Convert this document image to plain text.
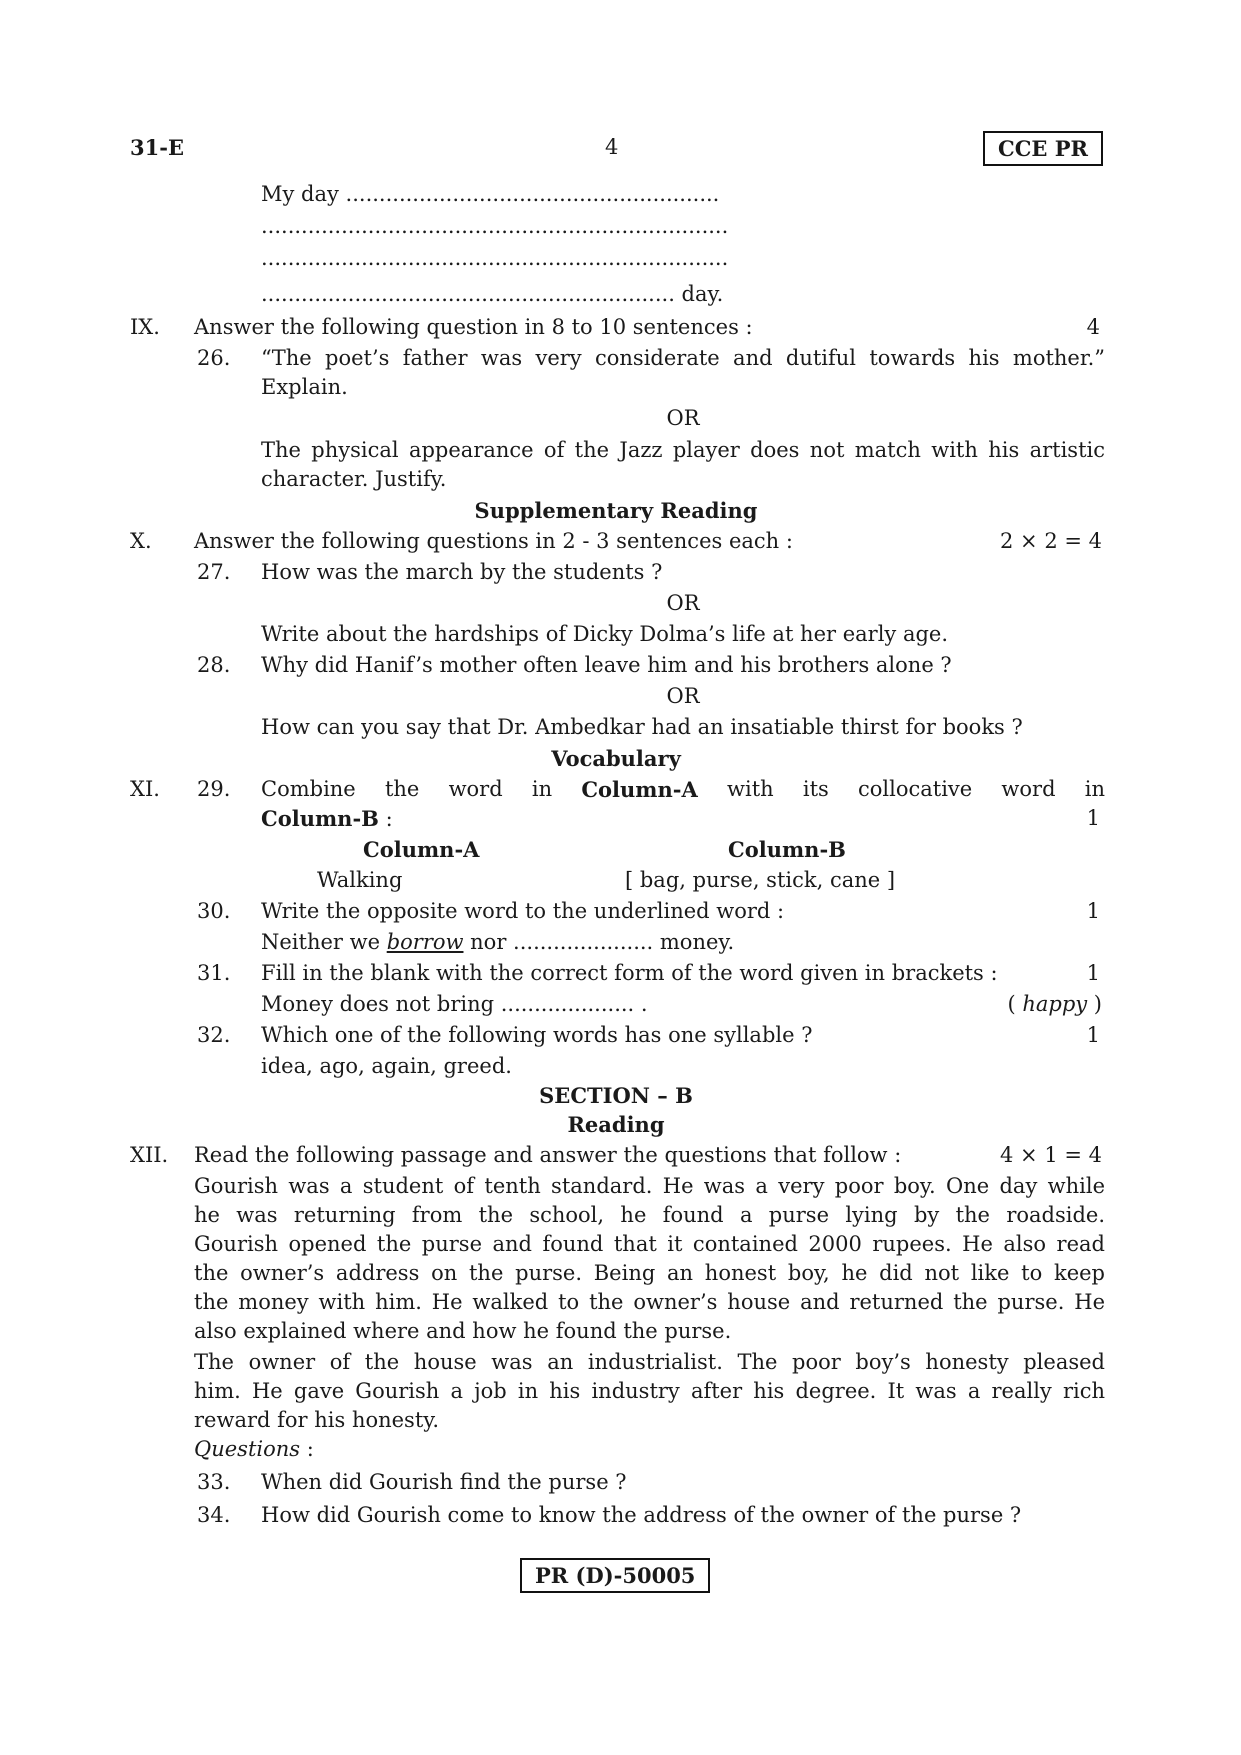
31-E	4	CCE PR
My day ........................................................
......................................................................
......................................................................
.............................................................. day.
IX. Answer the following question in 8 to 10 sentences :	4
26. “The poet’s father was very considerate and dutiful towards his mother.”
Explain.
OR
The physical appearance of the Jazz player does not match with his artistic
character. Justify.
Supplementary Reading
X. Answer the following questions in 2 - 3 sentences each :	2 × 2 = 4
27. How was the march by the students ?
OR
Write about the hardships of Dicky Dolma’s life at her early age.
28. Why did Hanif’s mother often leave him and his brothers alone ?
OR
How can you say that Dr. Ambedkar had an insatiable thirst for books ?
Vocabulary
XI. 29. Combine the word in Column-A with its collocative word in
Column-B :	1
Column-A	Column-B
Walking	[ bag, purse, stick, cane ]
30. Write the opposite word to the underlined word :	1
Neither we borrow nor ..................... money.
31. Fill in the blank with the correct form of the word given in brackets :	1
Money does not bring .................... .	( happy )
32. Which one of the following words has one syllable ?	1
idea, ago, again, greed.
SECTION – B
Reading
XII. Read the following passage and answer the questions that follow :	4 × 1 = 4
Gourish was a student of tenth standard. He was a very poor boy. One day while
he was returning from the school, he found a purse lying by the roadside.
Gourish opened the purse and found that it contained 2000 rupees. He also read
the owner’s address on the purse. Being an honest boy, he did not like to keep
the money with him. He walked to the owner’s house and returned the purse. He
also explained where and how he found the purse.
The owner of the house was an industrialist. The poor boy’s honesty pleased
him. He gave Gourish a job in his industry after his degree. It was a really rich
reward for his honesty.
Questions :
33. When did Gourish find the purse ?
34. How did Gourish come to know the address of the owner of the purse ?
PR (D)-50005
